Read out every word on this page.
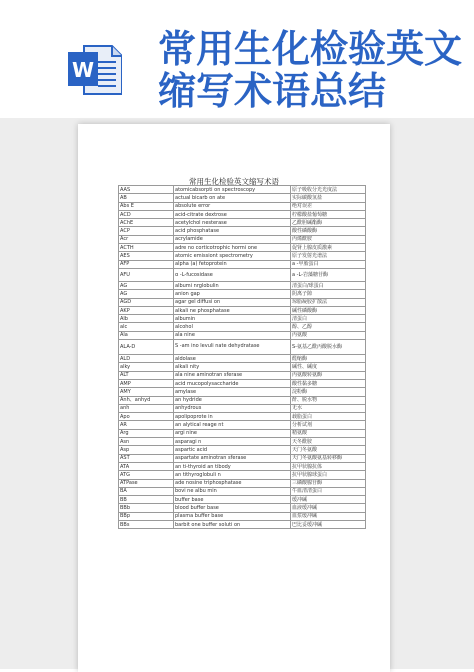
W 常用生化检验英文
缩写术语总结
常用生化检验英文缩写术语
AAS	atomicabsorpti on spectroscopy	原子吸收分光光度法
AB	actual bicarb on ate	实际碳酸氢盐
Abs E	absolute error	绝对误差
ACD	acid-citrate dextrose	柠檬酸盐葡萄糖
AChE	acetylchol nesterase	乙酰胆碱酯酶
ACP	acid phosphatase	酸性磷酸酶
Acr	acrylamide	丙烯酰胺
ACTH	adre no corticotrophic hormi one	促肾上腺皮质激素
AES	atomic emissiont spectrometry	原子发射光谱法
AFP	alpha (a) fetoprotein	a -甲胎蛋白
AFU	α -L-fucosidase	a -L-岩藻糖苷酶
AG	albumi nrglobulin	清蛋白/球蛋白
AG	anion gap	阴离子隙
AGD	agar gel diffusi on	琼脂凝胶扩散法
AKP	alkali ne phosphatase	碱性磷酸酶
Alb	albumin	清蛋白
alc	alcohol	醇、乙醇
Ala	ala nine	丙氨酸
ALA-D	S -am ino levuli nate dehydratase	S-氨基乙酰丙酸脱水酶
ALD	aldolase	醛缩酶
alky	alkali nity	碱性、碱度
ALT	ala nine aminotran sferase	丙氨酸转氨酶
AMP	acid mucopolysaccharide	酸性黏多糖
AMY	amylase	淀粉酶
Anh、anhyd	an hydride	酐、脱水物
anh	anhydrous	无水
Apo	apolipoprote in	载脂蛋白
AR	an alytical reage nt	分析试剂
Arg	argi nine	精氨酸
Asn	asparagi n	天冬酰胺
Asp	aspartic acid	天门冬氨酸
AST	aspartate aminotran sferase	天门冬氨酸氨基转移酶
ATA	an ti-thyroid an tibody	抗甲状腺抗体
ATG	an tithyroglobuli n	抗甲状腺球蛋白
ATPase	ade nosine triphosphatase	三磷酸腺苷酶
BA	bovi ne albu min	牛血清清蛋白
BB	buffer base	缓冲碱
BBb	blood buffer base	血液缓冲碱
BBp	plasma buffer base	血浆缓冲碱
BBs	barbit one buffer soluti on	巴比妥缓冲碱
